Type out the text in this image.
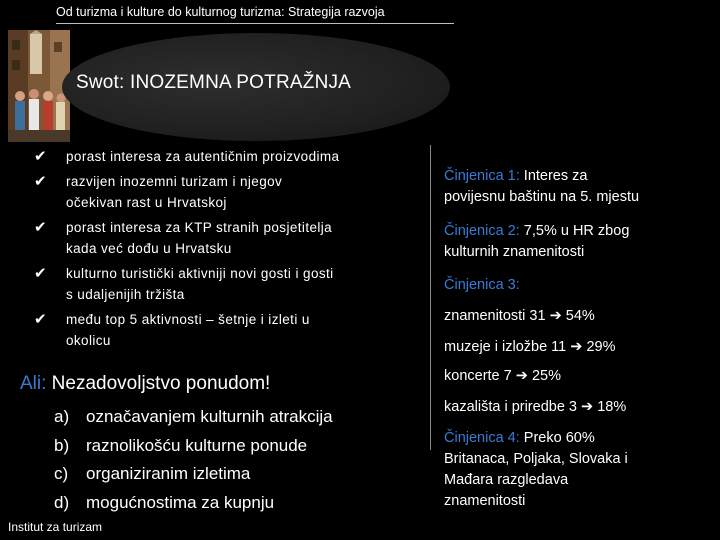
Od turizma i kulture do kulturnog turizma: Strategija razvoja
Swot: INOZEMNA POTRAŽNJA
✔ porast interesa za autentičnim proizvodima
✔ razvijen inozemni turizam i njegov
očekivan rast u Hrvatskoj
✔ porast interesa za KTP stranih posjetitelja
kada već dođu u Hrvatsku
✔ kulturno turistički aktivniji novi gosti i gosti
s udaljenijih tržišta
✔ među top 5 aktivnosti – šetnje i izleti u
okolicu
Ali: Nezadovoljstvo ponudom!
a) označavanjem kulturnih atrakcija
b) raznolikošću kulturne ponude
c) organiziranim izletima
d) mogućnostima za kupnju
Činjenica 1: Interes za
povijesnu baštinu na 5. mjestu
Činjenica 2: 7,5% u HR zbog
kulturnih znamenitosti
Činjenica 3:
znamenitosti 31 ➔ 54%
muzeje i izložbe 11 ➔ 29%
koncerte 7 ➔ 25%
kazališta i priredbe 3 ➔ 18%
Činjenica 4: Preko 60%
Britanaca, Poljaka, Slovaka i
Mađara razgledava
znamenitosti
Institut za turizam
